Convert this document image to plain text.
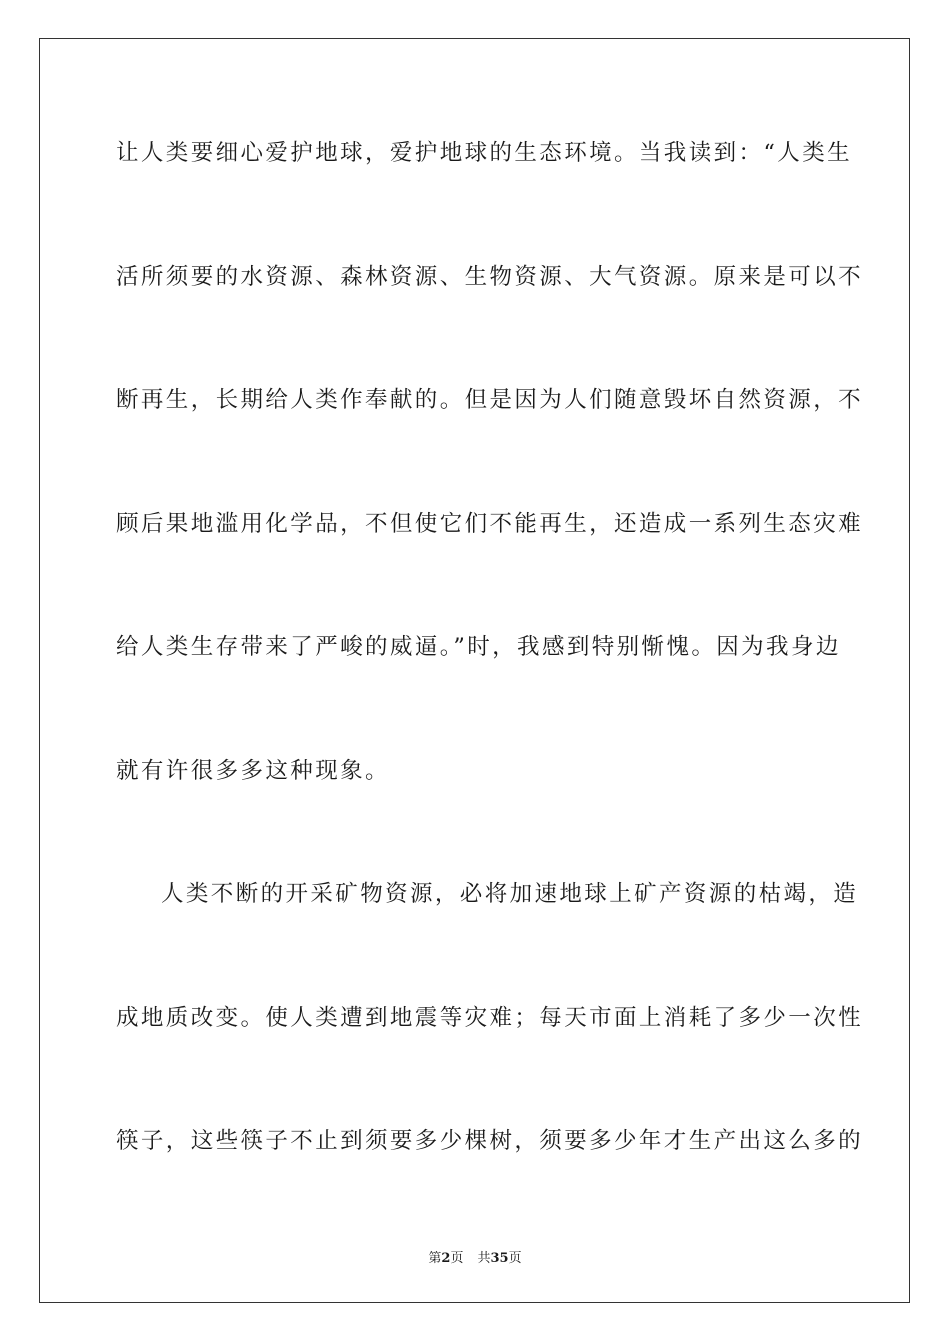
让人类要细心爱护地球，爱护地球的生态环境。当我读到：“人类生
活所须要的水资源、森林资源、生物资源、大气资源。原来是可以不
断再生，长期给人类作奉献的。但是因为人们随意毁坏自然资源，不
顾后果地滥用化学品，不但使它们不能再生，还造成一系列生态灾难
给人类生存带来了严峻的威逼。”时，我感到特别惭愧。因为我身边
就有许很多多这种现象。
人类不断的开采矿物资源，必将加速地球上矿产资源的枯竭，造
成地质改变。使人类遭到地震等灾难；每天市面上消耗了多少一次性
筷子，这些筷子不止到须要多少棵树，须要多少年才生产出这么多的
第2页 共35页
